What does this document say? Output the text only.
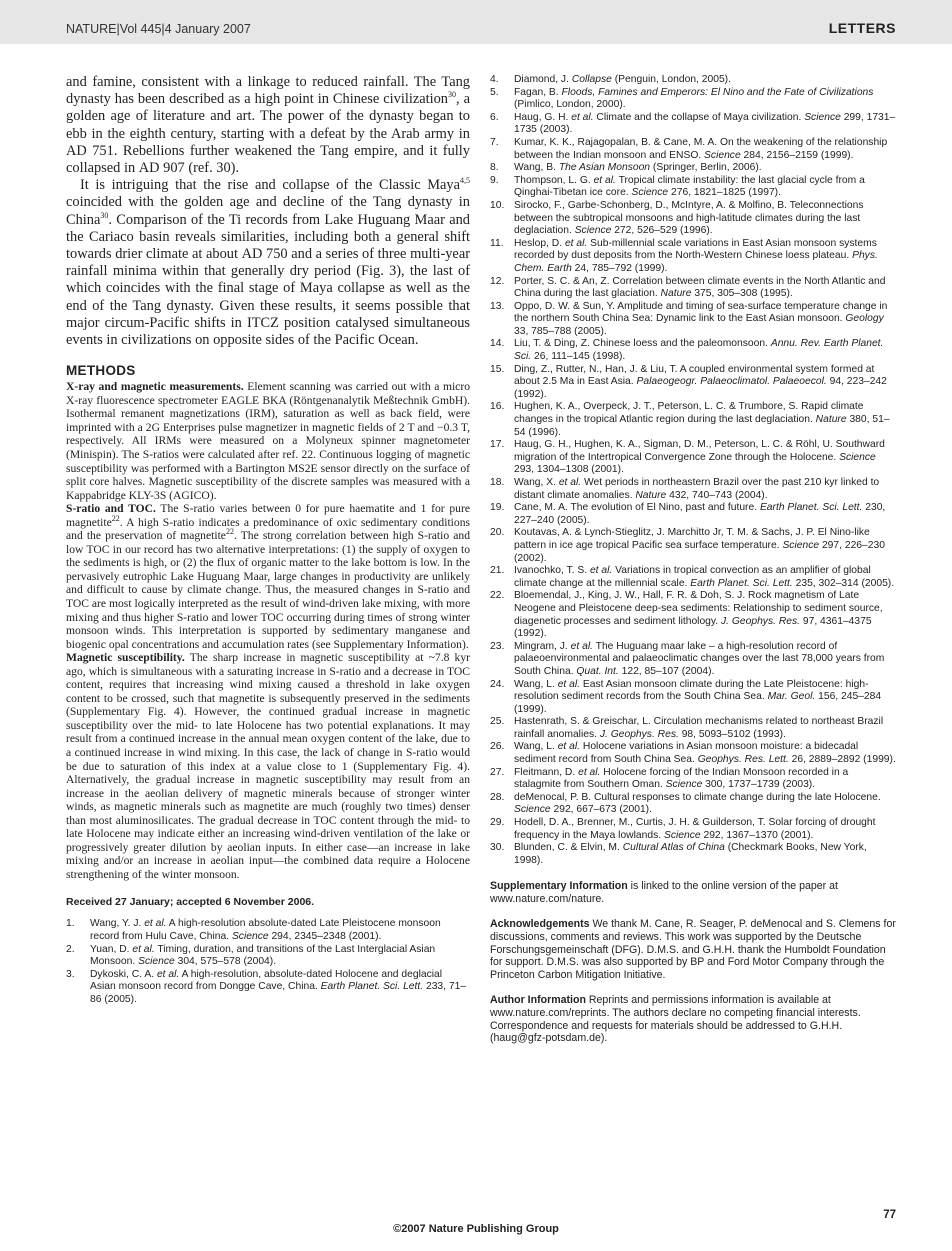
NATURE|Vol 445|4 January 2007	LETTERS

and famine, consistent with a linkage to reduced rainfall. The Tang dynasty has been described as a high point in Chinese civilization$^{30}$, a golden age of literature and art. The power of the dynasty began to ebb in the eighth century, starting with a defeat by the Arab army in AD 751. Rebellions further weakened the Tang empire, and it fully collapsed in AD 907 (ref. 30).

It is intriguing that the rise and collapse of the Classic Maya$^{4,5}$ coincided with the golden age and decline of the Tang dynasty in China$^{30}$. Comparison of the Ti records from Lake Huguang Maar and the Cariaco basin reveals similarities, including both a general shift towards drier climate at about AD 750 and a series of three multi-year rainfall minima within that generally dry period (Fig. 3), the last of which coincides with the final stage of Maya collapse as well as the end of the Tang dynasty. Given these results, it seems possible that major circum-Pacific shifts in ITCZ position catalysed simultaneous events in civilizations on opposite sides of the Pacific Ocean.

METHODS

X-ray and magnetic measurements. Element scanning was carried out with a micro X-ray fluorescence spectrometer EAGLE BKA (Röntgenanalytik Meßtechnik GmbH). Isothermal remanent magnetizations (IRM), saturation as well as back field, were imprinted with a 2G Enterprises pulse magnetizer in magnetic fields of 2 T and −0.3 T, respectively. All IRMs were measured on a Molyneux spinner magnetometer (Minispin). The S-ratios were calculated after ref. 22. Continuous logging of magnetic susceptibility was performed with a Bartington MS2E sensor directly on the surface of split core halves. Magnetic susceptibility of the discrete samples was measured with a Kappabridge KLY-3S (AGICO).

S-ratio and TOC. The S-ratio varies between 0 for pure haematite and 1 for pure magnetite$^{22}$. A high S-ratio indicates a predominance of oxic sedimentary conditions and the preservation of magnetite$^{22}$. The strong correlation between high S-ratio and low TOC in our record has two alternative interpretations: (1) the supply of oxygen to the sediments is high, or (2) the flux of organic matter to the lake bottom is low. In the pervasively eutrophic Lake Huguang Maar, large changes in productivity are unlikely and difficult to cause by climate change. Thus, the measured changes in S-ratio and TOC are most logically interpreted as the result of wind-driven lake mixing, with more mixing and thus higher S-ratio and lower TOC occurring during times of strong winter monsoon winds. This interpretation is supported by sedimentary manganese and biogenic opal concentrations and accumulation rates (see Supplementary Information).

Magnetic susceptibility. The sharp increase in magnetic susceptibility at ~7.8 kyr ago, which is simultaneous with a saturating increase in S-ratio and a decrease in TOC content, requires that increasing wind mixing caused a threshold in lake oxygen content to be crossed, such that magnetite is subsequently preserved in the sediments (Supplementary Fig. 4). However, the continued gradual increase in magnetic susceptibility over the mid- to late Holocene has two potential explanations. It may result from a continued increase in the annual mean oxygen content of the lake, due to a continued increase in wind mixing. In this case, the lack of change in S-ratio would be due to saturation of this index at a value close to 1 (Supplementary Fig. 4). Alternatively, the gradual increase in magnetic susceptibility may result from an increase in the aeolian delivery of magnetic minerals because of stronger winter winds, as magnetic minerals such as magnetite are much (roughly two times) denser than most aluminosilicates. The gradual decrease in TOC content through the mid- to late Holocene may indicate either an increasing wind-driven ventilation of the lake or progressively greater dilution by aeolian inputs. In either case—an increase in lake mixing and/or an increase in aeolian input—the combined data require a Holocene strengthening of the winter monsoon.

Received 27 January; accepted 6 November 2006.

1. Wang, Y. J. et al. A high-resolution absolute-dated Late Pleistocene monsoon record from Hulu Cave, China. Science 294, 2345–2348 (2001).

2. Yuan, D. et al. Timing, duration, and transitions of the Last Interglacial Asian Monsoon. Science 304, 575–578 (2004).

3. Dykoski, C. A. et al. A high-resolution, absolute-dated Holocene and deglacial Asian monsoon record from Dongge Cave, China. Earth Planet. Sci. Lett. 233, 71–86 (2005).

4. Diamond, J. Collapse (Penguin, London, 2005).

5. Fagan, B. Floods, Famines and Emperors: El Nino and the Fate of Civilizations (Pimlico, London, 2000).

6. Haug, G. H. et al. Climate and the collapse of Maya civilization. Science 299, 1731–1735 (2003).

7. Kumar, K. K., Rajagopalan, B. & Cane, M. A. On the weakening of the relationship between the Indian monsoon and ENSO. Science 284, 2156–2159 (1999).

8. Wang, B. The Asian Monsoon (Springer, Berlin, 2006).

9. Thompson, L. G. et al. Tropical climate instability: the last glacial cycle from a Qinghai-Tibetan ice core. Science 276, 1821–1825 (1997).

10. Sirocko, F., Garbe-Schonberg, D., McIntyre, A. & Molfino, B. Teleconnections between the subtropical monsoons and high-latitude climates during the last deglaciation. Science 272, 526–529 (1996).

11. Heslop, D. et al. Sub-millennial scale variations in East Asian monsoon systems recorded by dust deposits from the North-Western Chinese loess plateau. Phys. Chem. Earth 24, 785–792 (1999).

12. Porter, S. C. & An, Z. Correlation between climate events in the North Atlantic and China during the last glaciation. Nature 375, 305–308 (1995).

13. Oppo, D. W. & Sun, Y. Amplitude and timing of sea-surface temperature change in the northern South China Sea: Dynamic link to the East Asian monsoon. Geology 33, 785–788 (2005).

14. Liu, T. & Ding, Z. Chinese loess and the paleomonsoon. Annu. Rev. Earth Planet. Sci. 26, 111–145 (1998).

15. Ding, Z., Rutter, N., Han, J. & Liu, T. A coupled environmental system formed at about 2.5 Ma in East Asia. Palaeogeogr. Palaeoclimatol. Palaeoecol. 94, 223–242 (1992).

16. Hughen, K. A., Overpeck, J. T., Peterson, L. C. & Trumbore, S. Rapid climate changes in the tropical Atlantic region during the last deglaciation. Nature 380, 51–54 (1996).

17. Haug, G. H., Hughen, K. A., Sigman, D. M., Peterson, L. C. & Röhl, U. Southward migration of the Intertropical Convergence Zone through the Holocene. Science 293, 1304–1308 (2001).

18. Wang, X. et al. Wet periods in northeastern Brazil over the past 210 kyr linked to distant climate anomalies. Nature 432, 740–743 (2004).

19. Cane, M. A. The evolution of El Nino, past and future. Earth Planet. Sci. Lett. 230, 227–240 (2005).

20. Koutavas, A. & Lynch-Stieglitz, J. Marchitto Jr, T. M. & Sachs, J. P. El Nino-like pattern in ice age tropical Pacific sea surface temperature. Science 297, 226–230 (2002).

21. Ivanochko, T. S. et al. Variations in tropical convection as an amplifier of global climate change at the millennial scale. Earth Planet. Sci. Lett. 235, 302–314 (2005).

22. Bloemendal, J., King, J. W., Hall, F. R. & Doh, S. J. Rock magnetism of Late Neogene and Pleistocene deep-sea sediments: Relationship to sediment source, diagenetic processes and sediment lithology. J. Geophys. Res. 97, 4361–4375 (1992).

23. Mingram, J. et al. The Huguang maar lake – a high-resolution record of palaeoenvironmental and palaeoclimatic changes over the last 78,000 years from South China. Quat. Int. 122, 85–107 (2004).

24. Wang, L. et al. East Asian monsoon climate during the Late Pleistocene: high-resolution sediment records from the South China Sea. Mar. Geol. 156, 245–284 (1999).

25. Hastenrath, S. & Greischar, L. Circulation mechanisms related to northeast Brazil rainfall anomalies. J. Geophys. Res. 98, 5093–5102 (1993).

26. Wang, L. et al. Holocene variations in Asian monsoon moisture: a bidecadal sediment record from South China Sea. Geophys. Res. Lett. 26, 2889–2892 (1999).

27. Fleitmann, D. et al. Holocene forcing of the Indian Monsoon recorded in a stalagmite from Southern Oman. Science 300, 1737–1739 (2003).

28. deMenocal, P. B. Cultural responses to climate change during the late Holocene. Science 292, 667–673 (2001).

29. Hodell, D. A., Brenner, M., Curtis, J. H. & Guilderson, T. Solar forcing of drought frequency in the Maya lowlands. Science 292, 1367–1370 (2001).

30. Blunden, C. & Elvin, M. Cultural Atlas of China (Checkmark Books, New York, 1998).

Supplementary Information is linked to the online version of the paper at www.nature.com/nature.

Acknowledgements We thank M. Cane, R. Seager, P. deMenocal and S. Clemens for discussions, comments and reviews. This work was supported by the Deutsche Forschungsgemeinschaft (DFG). D.M.S. and G.H.H. thank the Humboldt Foundation for support. D.M.S. was also supported by BP and Ford Motor Company through the Princeton Carbon Mitigation Initiative.

Author Information Reprints and permissions information is available at www.nature.com/reprints. The authors declare no competing financial interests. Correspondence and requests for materials should be addressed to G.H.H. (haug@gfz-potsdam.de).

77
©2007 Nature Publishing Group
